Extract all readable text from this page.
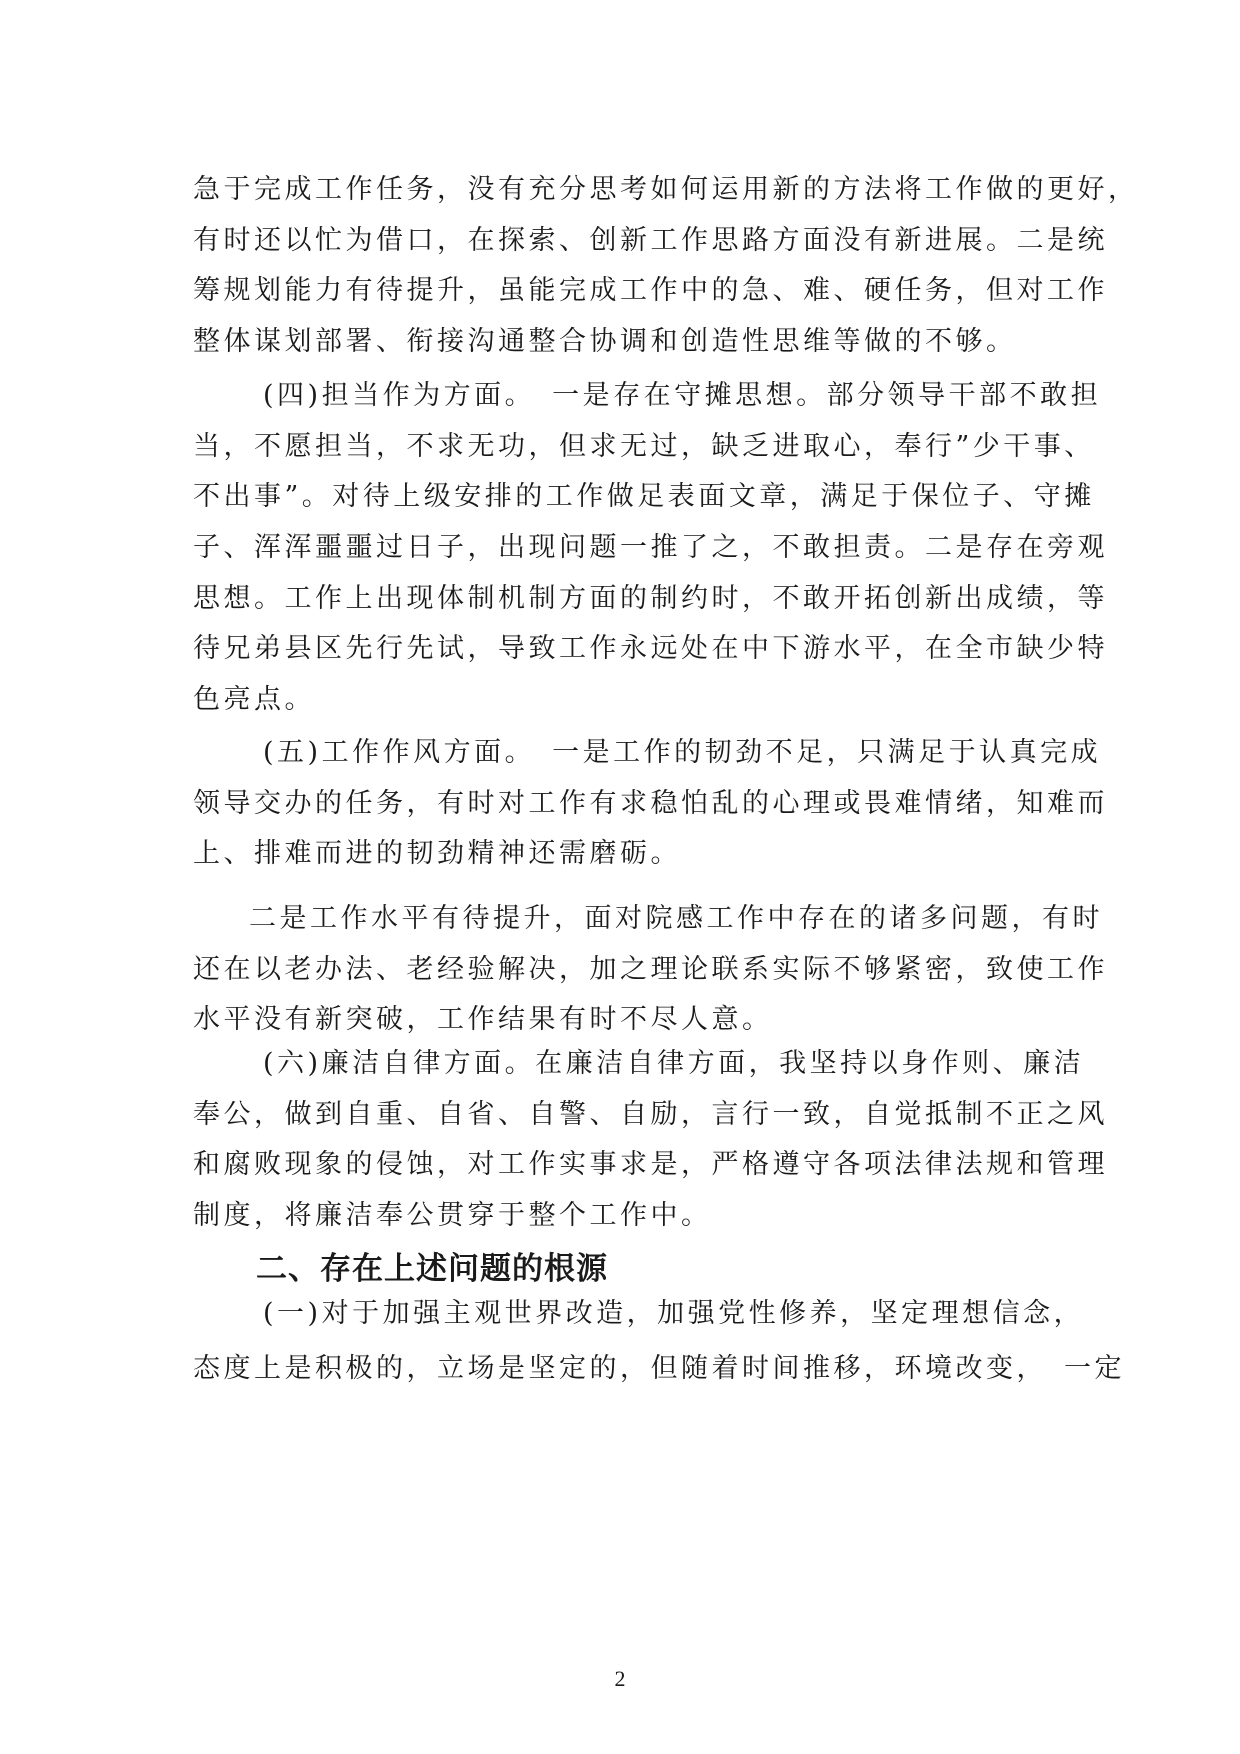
急于完成工作任务，没有充分思考如何运用新的方法将工作做的更好，
有时还以忙为借口，在探索、创新工作思路方面没有新进展。二是统
筹规划能力有待提升，虽能完成工作中的急、难、硬任务，但对工作
整体谋划部署、衔接沟通整合协调和创造性思维等做的不够。
(四)担当作为方面。　一是存在守摊思想。部分领导干部不敢担
当，不愿担当，不求无功，但求无过，缺乏进取心，奉行”少干事、
不出事”。对待上级安排的工作做足表面文章，满足于保位子、守摊
子、浑浑噩噩过日子，出现问题一推了之，不敢担责。二是存在旁观
思想。工作上出现体制机制方面的制约时，不敢开拓创新出成绩，等
待兄弟县区先行先试，导致工作永远处在中下游水平，在全市缺少特
色亮点。
(五)工作作风方面。　一是工作的韧劲不足，只满足于认真完成
领导交办的任务，有时对工作有求稳怕乱的心理或畏难情绪，知难而
上、排难而进的韧劲精神还需磨砺。
二是工作水平有待提升，面对院感工作中存在的诸多问题，有时
还在以老办法、老经验解决，加之理论联系实际不够紧密，致使工作
水平没有新突破，工作结果有时不尽人意。
(六)廉洁自律方面。在廉洁自律方面，我坚持以身作则、廉洁
奉公，做到自重、自省、自警、自励，言行一致，自觉抵制不正之风
和腐败现象的侵蚀，对工作实事求是，严格遵守各项法律法规和管理
制度，将廉洁奉公贯穿于整个工作中。
二、存在上述问题的根源
(一)对于加强主观世界改造，加强党性修养，坚定理想信念，
态度上是积极的，立场是坚定的，但随着时间推移，环境改变，　一定
2
